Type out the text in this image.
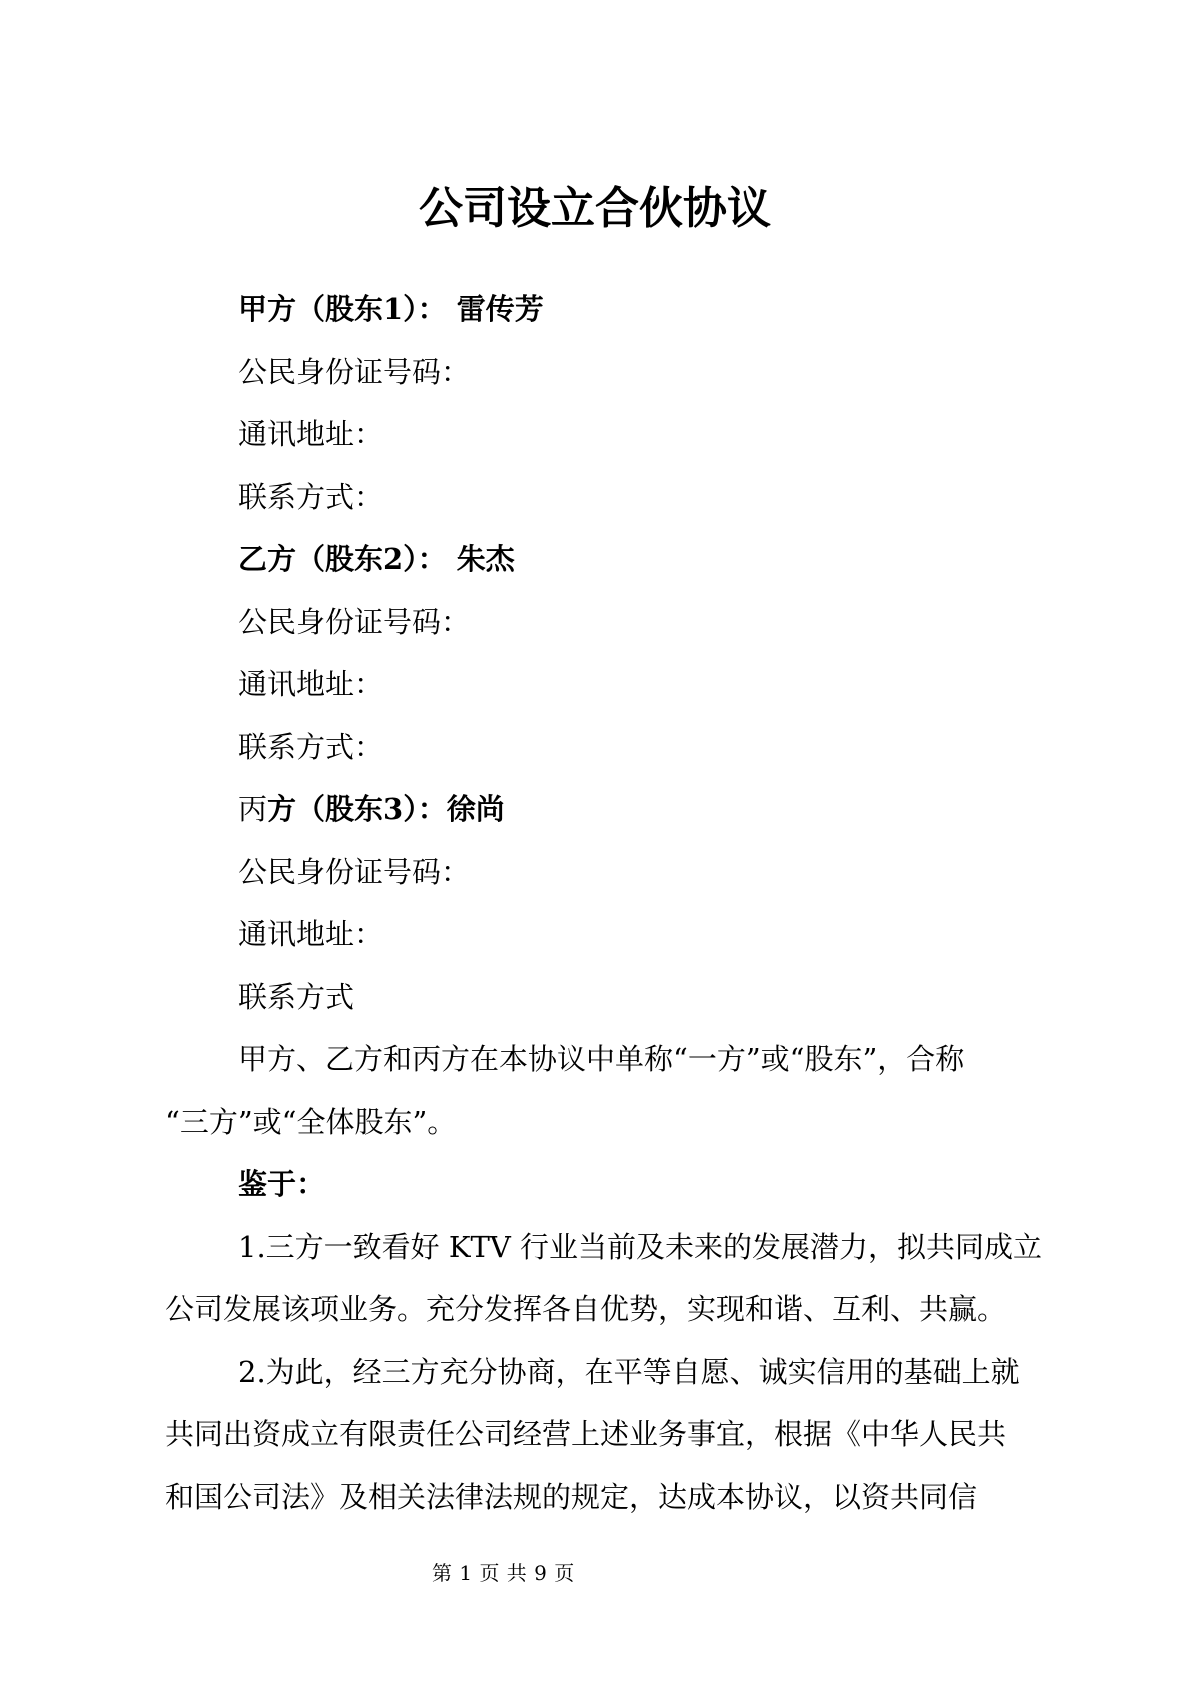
公司设立合伙协议

甲方（股东1）： 雷传芳

公民身份证号码：

通讯地址：

联系方式：

乙方（股东2）： 朱杰

公民身份证号码：

通讯地址：

联系方式：

丙方（股东3）：徐尚

公民身份证号码：

通讯地址：

联系方式

甲方、乙方和丙方在本协议中单称“一方”或“股东”，合称

“三方”或“全体股东”。

鉴于：

1.三方一致看好 KTV 行业当前及未来的发展潜力，拟共同成立

公司发展该项业务。充分发挥各自优势，实现和谐、互利、共赢。

2.为此，经三方充分协商，在平等自愿、诚实信用的基础上就

共同出资成立有限责任公司经营上述业务事宜，根据《中华人民共

和国公司法》及相关法律法规的规定，达成本协议，以资共同信

第 1 页 共 9 页
